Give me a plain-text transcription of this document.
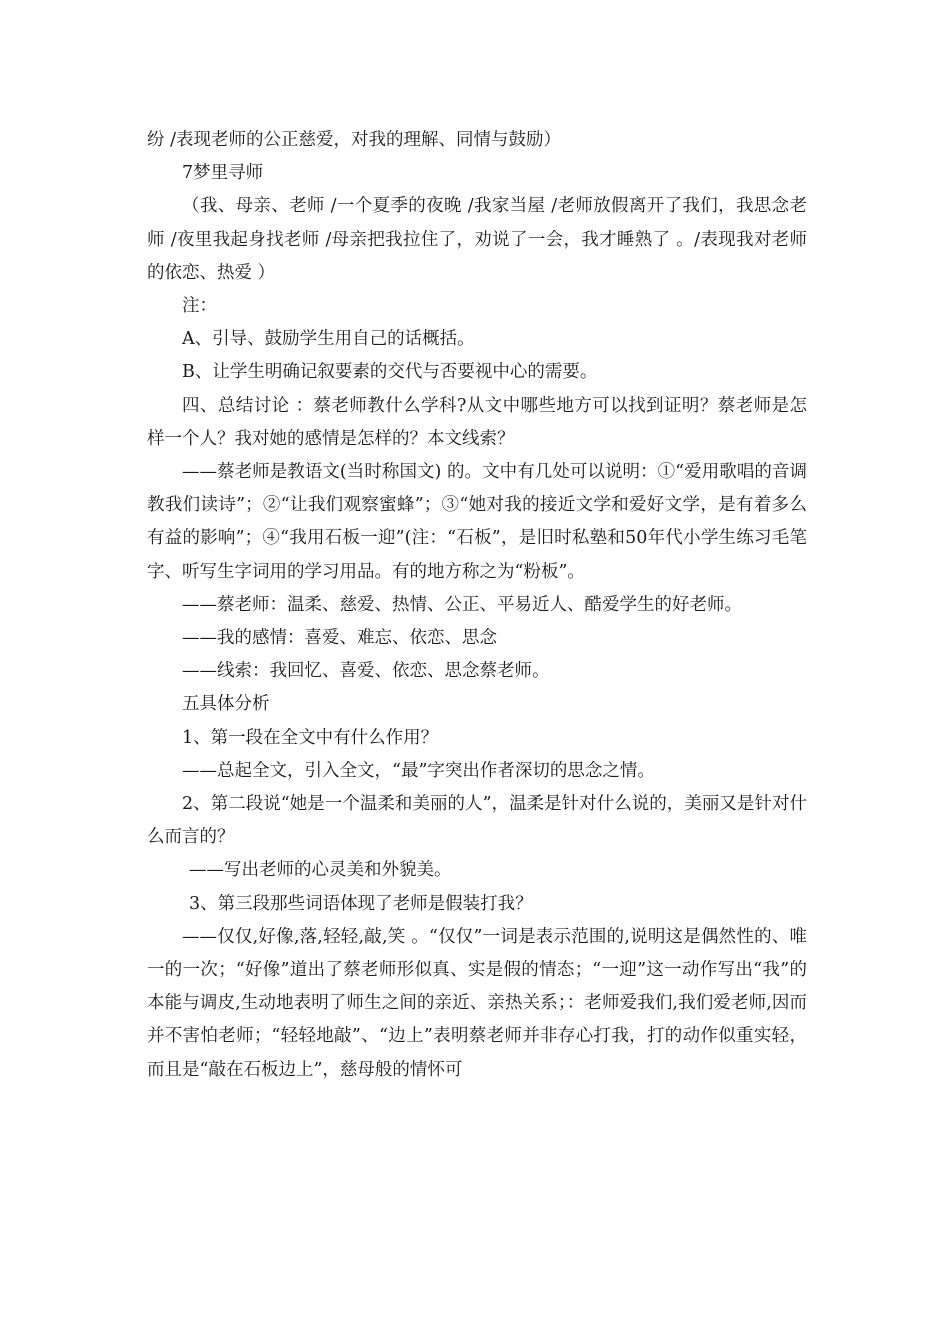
纷 /表现老师的公正慈爱，对我的理解、同情与鼓励）

7梦里寻师

（我、母亲、老师 /一个夏季的夜晚 /我家当屋 /老师放假离开了我们，我思念老师 /夜里我起身找老师 /母亲把我拉住了，劝说了一会，我才睡熟了 。/表现我对老师的依恋、热爱 ）

注：

A、引导、鼓励学生用自己的话概括。

B、让学生明确记叙要素的交代与否要视中心的需要。

四、总结讨论 ：蔡老师教什么学科?从文中哪些地方可以找到证明？蔡老师是怎样一个人？我对她的感情是怎样的？本文线索？

——蔡老师是教语文(当时称国文) 的。文中有几处可以说明：①“爱用歌唱的音调教我们读诗”；②“让我们观察蜜蜂”；③“她对我的接近文学和爱好文学，是有着多么有益的影响”；④“我用石板一迎”(注：“石板”，是旧时私塾和50年代小学生练习毛笔字、听写生字词用的学习用品。有的地方称之为“粉板”。

——蔡老师：温柔、慈爱、热情、公正、平易近人、酷爱学生的好老师。

——我的感情：喜爱、难忘、依恋、思念

——线索：我回忆、喜爱、依恋、思念蔡老师。

五具体分析

1、第一段在全文中有什么作用？

——总起全文，引入全文，“最”字突出作者深切的思念之情。

2、第二段说“她是一个温柔和美丽的人”，温柔是针对什么说的，美丽又是针对什么而言的？

——写出老师的心灵美和外貌美。

3、第三段那些词语体现了老师是假装打我？

——仅仅,好像,落,轻轻,敲,笑 。“仅仅”一词是表示范围的,说明这是偶然性的、唯一的一次；“好像”道出了蔡老师形似真、实是假的情态；“一迎”这一动作写出“我”的本能与调皮,生动地表明了师生之间的亲近、亲热关系；：老师爱我们,我们爱老师,因而并不害怕老师；“轻轻地敲”、“边上”表明蔡老师并非存心打我，打的动作似重实轻，而且是“敲在石板边上”，慈母般的情怀可
